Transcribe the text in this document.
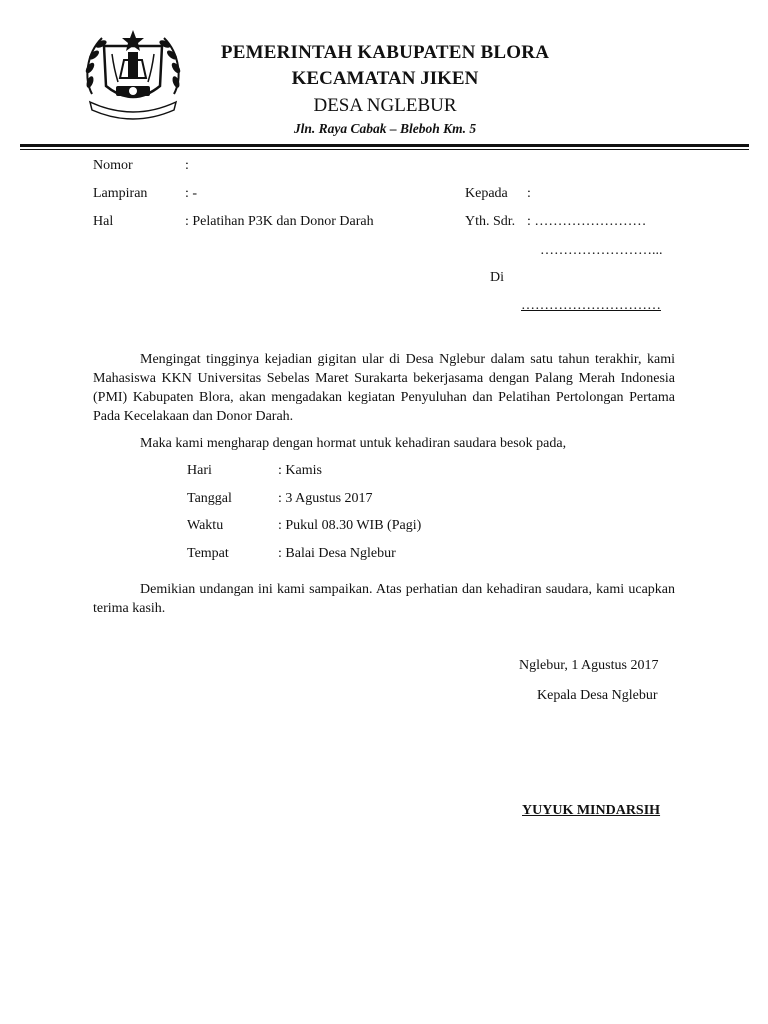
PEMERINTAH KABUPATEN BLORA
KECAMATAN JIKEN
DESA NGLEBUR
Jln. Raya Cabak – Bleboh Km. 5
Nomor	:
Lampiran	: -
Hal	: Pelatihan P3K dan Donor Darah
Kepada :
Yth. Sdr. : ……………………
……………………...
Di
…………………………
Mengingat tingginya kejadian gigitan ular di Desa Nglebur dalam satu tahun terakhir, kami Mahasiswa KKN Universitas Sebelas Maret Surakarta bekerjasama dengan Palang Merah Indonesia (PMI) Kabupaten Blora, akan mengadakan kegiatan Penyuluhan dan Pelatihan Pertolongan Pertama Pada Kecelakaan dan Donor Darah.
Maka kami mengharap dengan hormat untuk kehadiran saudara besok pada,
Hari	: Kamis
Tanggal	: 3 Agustus 2017
Waktu	: Pukul 08.30 WIB (Pagi)
Tempat	: Balai Desa Nglebur
Demikian undangan ini kami sampaikan. Atas perhatian dan kehadiran saudara, kami ucapkan terima kasih.
Nglebur, 1 Agustus 2017
Kepala Desa Nglebur
YUYUK MINDARSIH
